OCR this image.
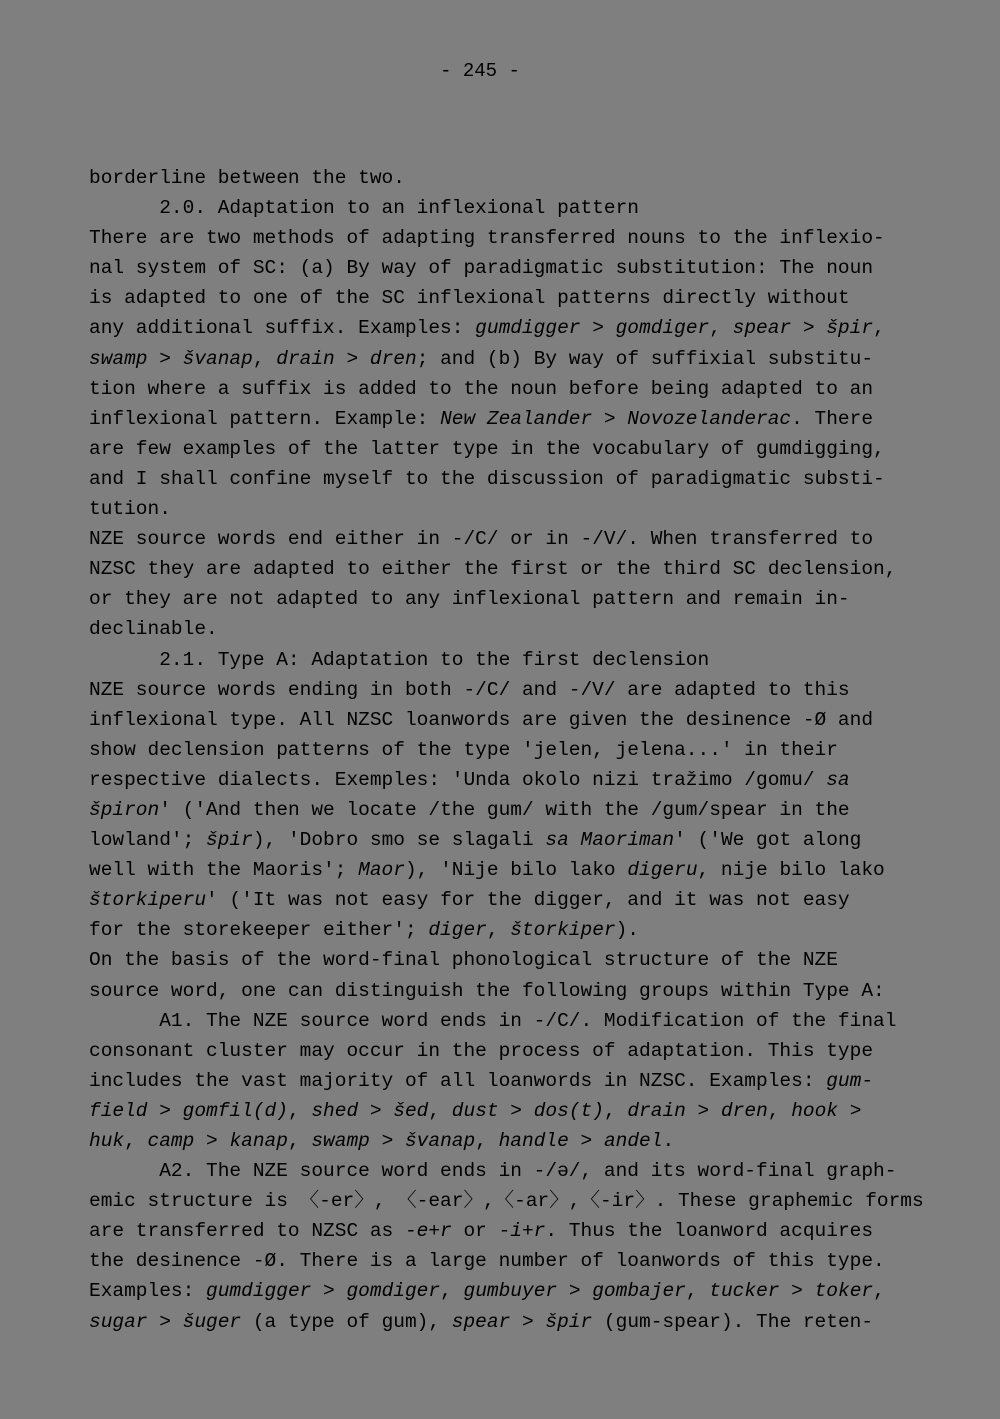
- 245 -
borderline between the two.
2.0. Adaptation to an inflexional pattern
There are two methods of adapting transferred nouns to the inflexio-
nal system of SC: (a) By way of paradigmatic substitution: The noun
is adapted to one of the SC inflexional patterns directly without
any additional suffix. Examples: gumdigger > gomdiger, spear > špir,
swamp > švanap, drain > dren; and (b) By way of suffixial substitu-
tion where a suffix is added to the noun before being adapted to an
inflexional pattern. Example: New Zealander > Novozelanderac. There
are few examples of the latter type in the vocabulary of gumdigging,
and I shall confine myself to the discussion of paradigmatic substi-
tution.
NZE source words end either in -/C/ or in -/V/. When transferred to
NZSC they are adapted to either the first or the third SC declension,
or they are not adapted to any inflexional pattern and remain in-
declinable.
2.1. Type A: Adaptation to the first declension
NZE source words ending in both -/C/ and -/V/ are adapted to this
inflexional type. All NZSC loanwords are given the desinence -Ø and
show declension patterns of the type 'jelen, jelena...' in their
respective dialects. Exemples: 'Unda okolo nizi tražimo /gomu/ sa
špiron' ('And then we locate /the gum/ with the /gum/spear in the
lowland'; špir), 'Dobro smo se slagali sa Maoriman' ('We got along
well with the Maoris'; Maor), 'Nije bilo lako digeru, nije bilo lako
štorkiperu' ('It was not easy for the digger, and it was not easy
for the storekeeper either'; diger, štorkiper).
On the basis of the word-final phonological structure of the NZE
source word, one can distinguish the following groups within Type A:
A1. The NZE source word ends in -/C/. Modification of the final
consonant cluster may occur in the process of adaptation. This type
includes the vast majority of all loanwords in NZSC. Examples: gum-
field > gomfil(d), shed > šed, dust > dos(t), drain > dren, hook >
huk, camp > kanap, swamp > švanap, handle > andel.
A2. The NZE source word ends in -/ə/, and its word-final graph-
emic structure is 〈-er〉, 〈-ear〉,〈-ar〉,〈-ir〉. These graphemic forms
are transferred to NZSC as -e+r or -i+r. Thus the loanword acquires
the desinence -Ø. There is a large number of loanwords of this type.
Examples: gumdigger > gomdiger, gumbuyer > gombajer, tucker > toker,
sugar > šuger (a type of gum), spear > špir (gum-spear). The reten-
